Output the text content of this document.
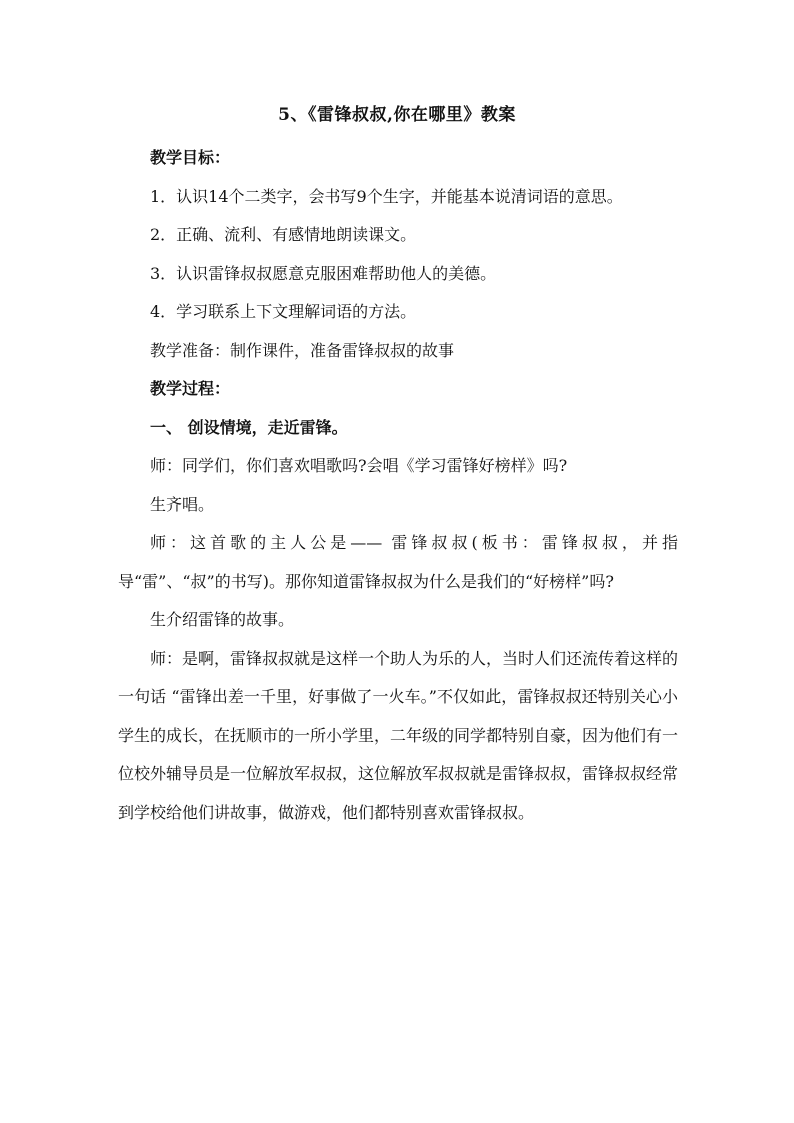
5、《雷锋叔叔,你在哪里》教案

教学目标：

1．认识14个二类字，会书写9个生字，并能基本说清词语的意思。

2．正确、流利、有感情地朗读课文。

3．认识雷锋叔叔愿意克服困难帮助他人的美德。

4．学习联系上下文理解词语的方法。

教学准备：制作课件，准备雷锋叔叔的故事

教学过程：

一、 创设情境，走近雷锋。

师：同学们，你们喜欢唱歌吗?会唱《学习雷锋好榜样》吗?

生齐唱。

师：这首歌的主人公是—— 雷锋叔叔(板书：雷锋叔叔，并指导“雷”、“叔”的书写)。那你知道雷锋叔叔为什么是我们的“好榜样”吗?

生介绍雷锋的故事。

师：是啊，雷锋叔叔就是这样一个助人为乐的人，当时人们还流传着这样的一句话 “雷锋出差一千里，好事做了一火车。”不仅如此，雷锋叔叔还特别关心小学生的成长，在抚顺市的一所小学里，二年级的同学都特别自豪，因为他们有一位校外辅导员是一位解放军叔叔，这位解放军叔叔就是雷锋叔叔，雷锋叔叔经常到学校给他们讲故事，做游戏，他们都特别喜欢雷锋叔叔。
